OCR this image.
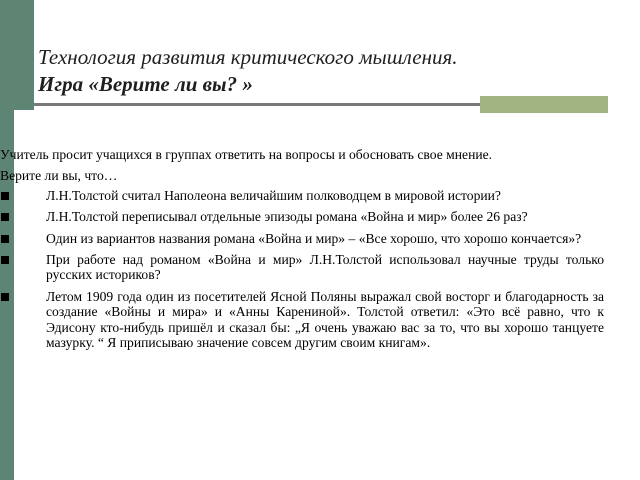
Технология развития критического мышления.
Игра «Верите ли вы? »

Учитель просит учащихся в группах ответить на вопросы и обосновать свое мнение.

Верите ли вы, что…

Л.Н.Толстой считал Наполеона величайшим полководцем в мировой истории?
Л.Н.Толстой переписывал отдельные эпизоды романа «Война и мир» более 26 раз?
Один из вариантов названия романа «Война и мир» – «Все хорошо, что хорошо кончается»?
При работе над романом «Война и мир» Л.Н.Толстой использовал научные труды только русских историков?
Летом 1909 года один из посетителей Ясной Поляны выражал свой восторг и благодарность за создание «Войны и мира» и «Анны Карениной». Толстой ответил: «Это всё равно, что к Эдисону кто-нибудь пришёл и сказал бы: „Я очень уважаю вас за то, что вы хорошо танцуете мазурку. “ Я приписываю значение совсем другим своим книгам».
